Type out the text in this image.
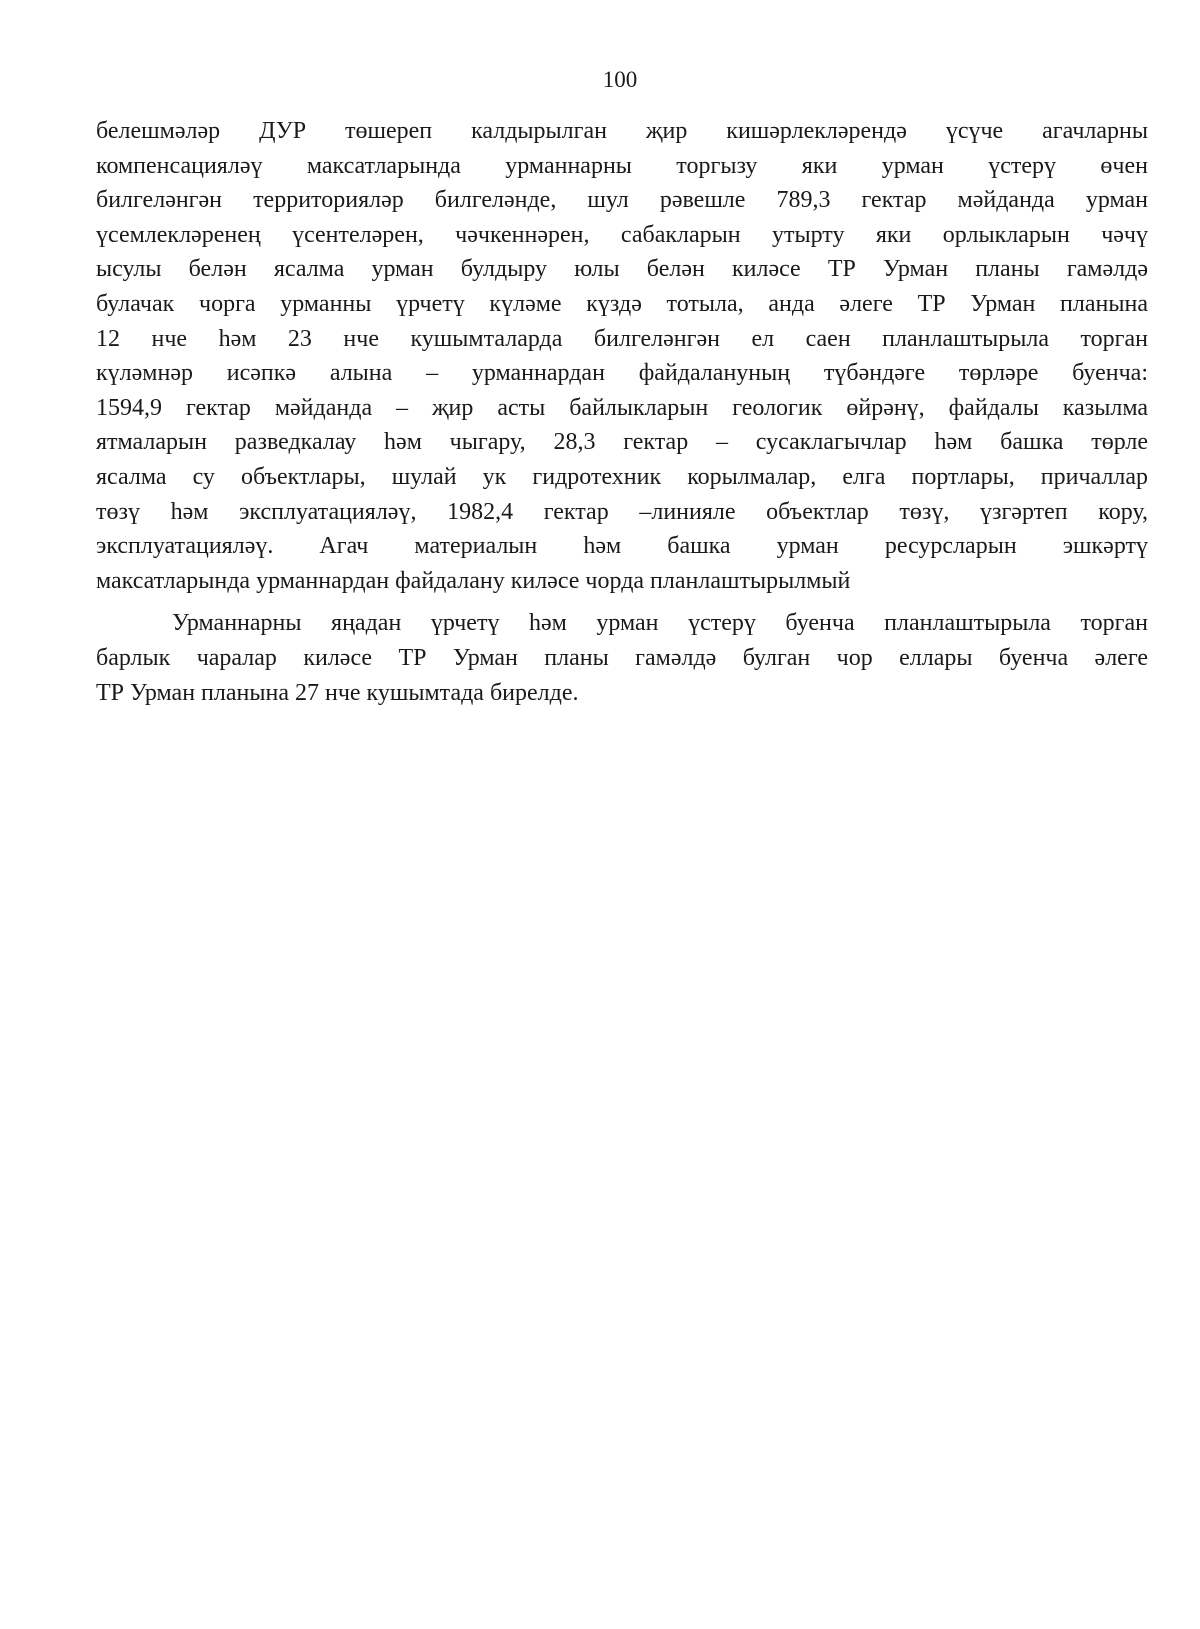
100
белешмәләр ДУР төшереп калдырылган җир кишәрлекләрендә үсүче агачларны
компенсацияләү максатларында урманнарны торгызу яки урман үстерү өчен
билгеләнгән территорияләр билгеләнде, шул рәвешле 789,3 гектар мәйданда урман
үсемлекләренең үсентеләрен, чәчкеннәрен, сабакларын утырту яки орлыкларын чәчү
ысулы белән ясалма урман булдыру юлы белән киләсе ТР Урман планы гамәлдә
булачак чорга урманны үрчетү күләме күздә тотыла, анда әлеге ТР Урман планына
12 нче һәм 23 нче кушымталарда билгеләнгән ел саен планлаштырыла торган
күләмнәр исәпкә алына – урманнардан файдалануның түбәндәге төрләре буенча:
1594,9 гектар мәйданда – җир асты байлыкларын геологик өйрәнү, файдалы казылма
ятмаларын разведкалау һәм чыгару, 28,3 гектар – сусаклагычлар һәм башка төрле
ясалма су объектлары, шулай ук гидротехник корылмалар, елга портлары, причаллар
төзү һәм эксплуатацияләү, 1982,4 гектар –линияле объектлар төзү, үзгәртеп кору,
эксплуатацияләү. Агач материалын һәм башка урман ресурсларын эшкәртү
максатларында урманнардан файдалану киләсе чорда планлаштырылмый
Урманнарны яңадан үрчетү һәм урман үстерү буенча планлаштырыла торган
барлык чаралар киләсе ТР Урман планы гамәлдә булган чор еллары буенча әлеге
ТР Урман планына 27 нче кушымтада бирелде.
